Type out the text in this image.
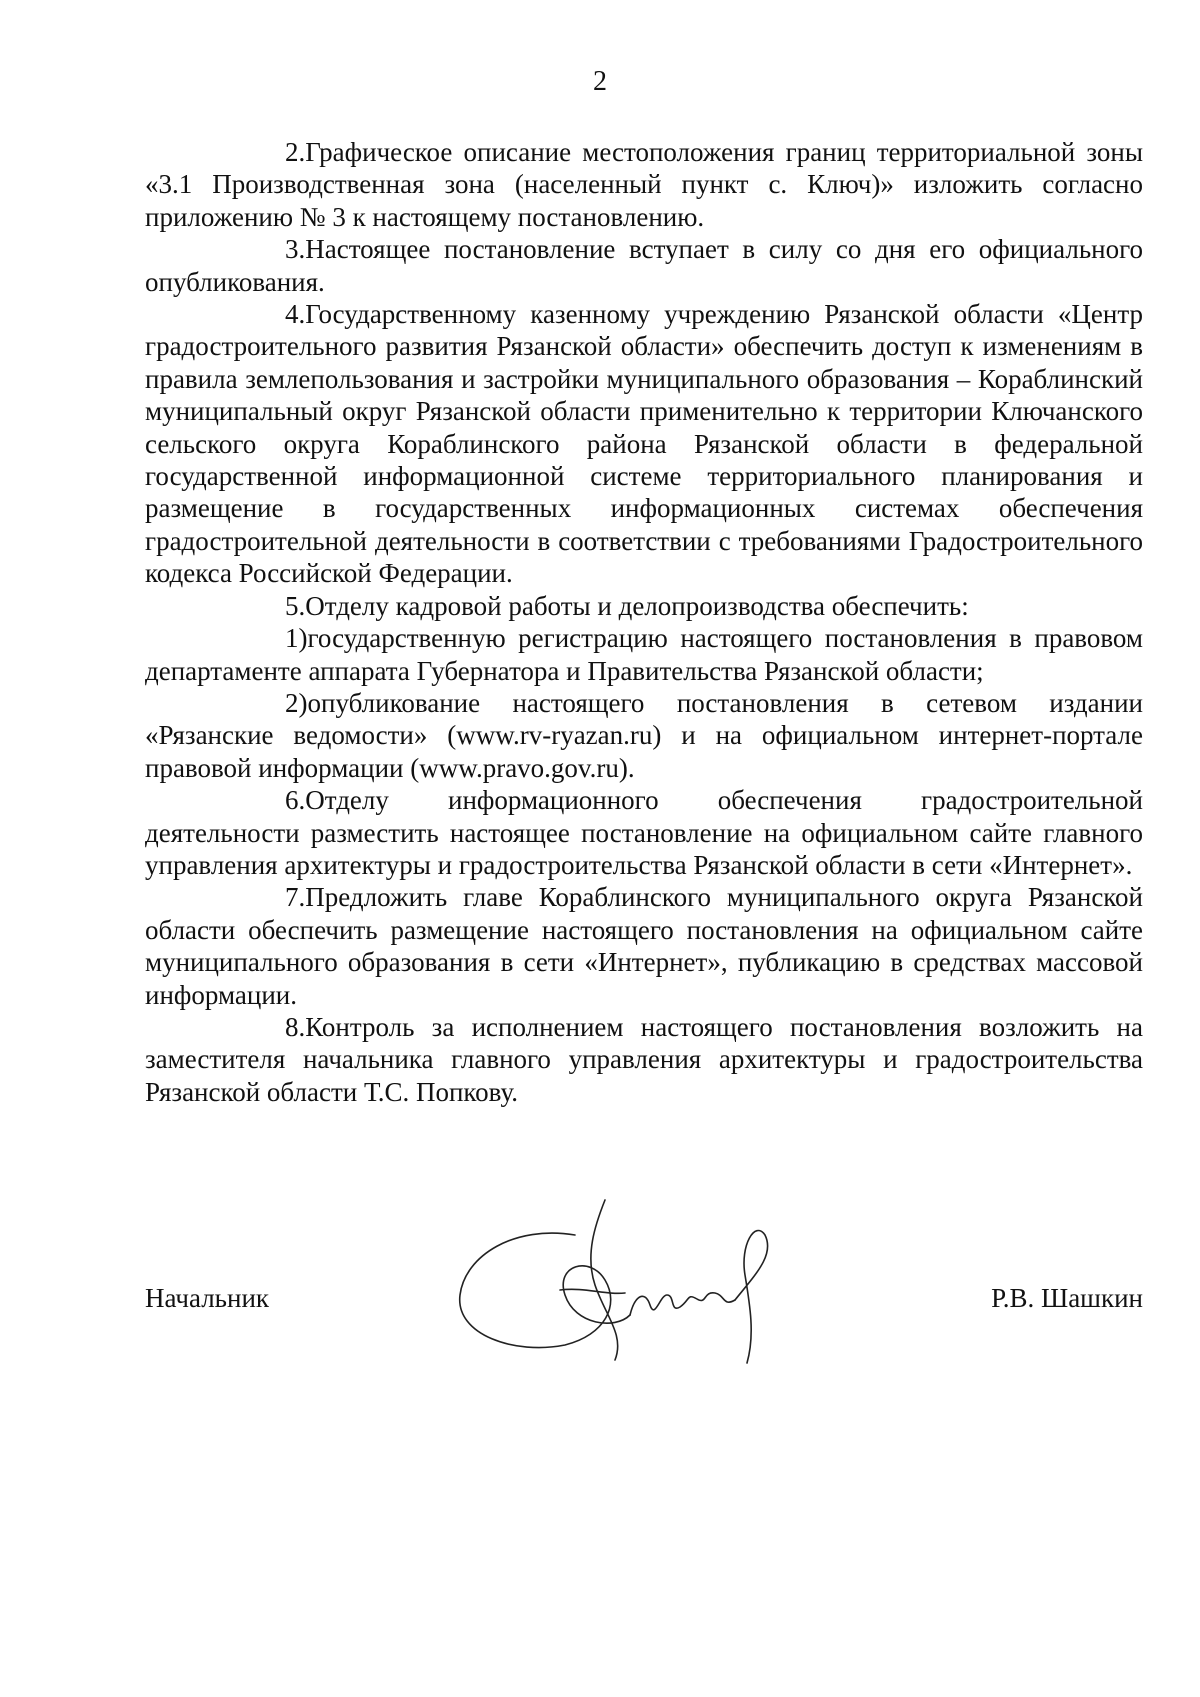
2

2.Графическое описание местоположения границ территориальной зоны «3.1 Производственная зона (населенный пункт с. Ключ)» изложить согласно приложению № 3 к настоящему постановлению.

3.Настоящее постановление вступает в силу со дня его официального опубликования.

4.Государственному казенному учреждению Рязанской области «Центр градостроительного развития Рязанской области» обеспечить доступ к изменениям в правила землепользования и застройки муниципального образования – Кораблинский муниципальный округ Рязанской области применительно к территории Ключанского сельского округа Кораблинского района Рязанской области в федеральной государственной информационной системе территориального планирования и размещение в государственных информационных системах обеспечения градостроительной деятельности в соответствии с требованиями Градостроительного кодекса Российской Федерации.

5.Отделу кадровой работы и делопроизводства обеспечить:

1)государственную регистрацию настоящего постановления в правовом департаменте аппарата Губернатора и Правительства Рязанской области;

2)опубликование настоящего постановления в сетевом издании «Рязанские ведомости» (www.rv-ryazan.ru) и на официальном интернет-портале правовой информации (www.pravo.gov.ru).

6.Отделу информационного обеспечения градостроительной деятельности разместить настоящее постановление на официальном сайте главного управления архитектуры и градостроительства Рязанской области в сети «Интернет».

7.Предложить главе Кораблинского муниципального округа Рязанской области обеспечить размещение настоящего постановления на официальном сайте муниципального образования в сети «Интернет», публикацию в средствах массовой информации.

8.Контроль за исполнением настоящего постановления возложить на заместителя начальника главного управления архитектуры и градостроительства Рязанской области Т.С. Попкову.

Начальник	Р.В. Шашкин
